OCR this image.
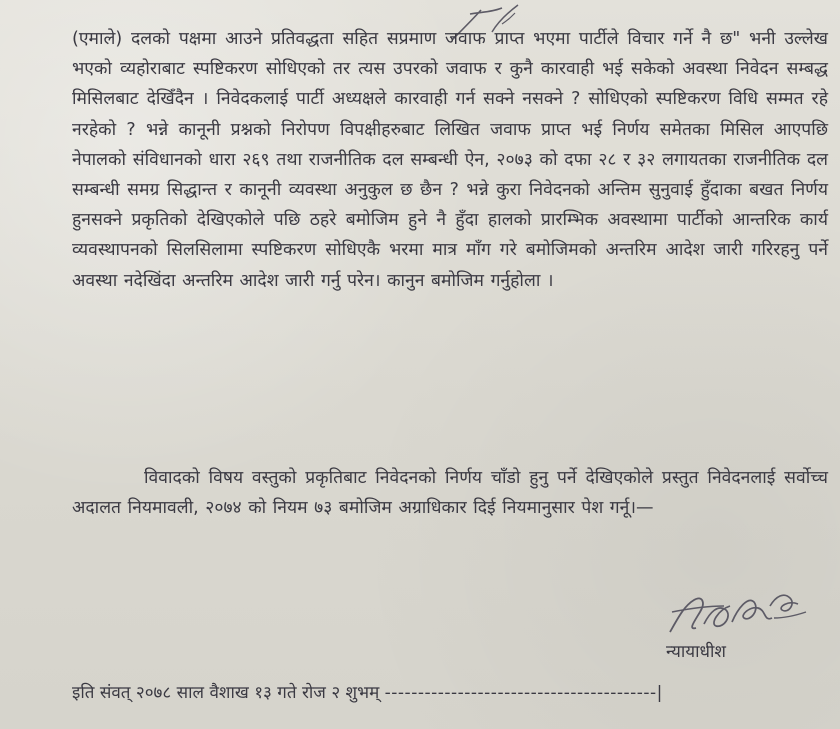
(एमाले) दलको पक्षमा आउने प्रतिवद्धता सहित सप्रमाण जवाफ प्राप्त भएमा पार्टीले विचार गर्ने नै छ" भनी उल्लेख भएको व्यहोराबाट स्पष्टिकरण सोधिएको तर त्यस उपरको जवाफ र कुनै कारवाही भई सकेको अवस्था निवेदन सम्बद्ध मिसिलबाट देखिँदैन । निवेदकलाई पार्टी अध्यक्षले कारवाही गर्न सक्ने नसक्ने ? सोधिएको स्पष्टिकरण विधि सम्मत रहे नरहेको ? भन्ने कानूनी प्रश्नको निरोपण विपक्षीहरुबाट लिखित जवाफ प्राप्त भई निर्णय समेतका मिसिल आएपछि नेपालको संविधानको धारा २६९ तथा राजनीतिक दल सम्बन्धी ऐन, २०७३ को दफा २८ र ३२ लगायतका राजनीतिक दल सम्बन्धी समग्र सिद्धान्त र कानूनी व्यवस्था अनुकुल छ छैन ? भन्ने कुरा निवेदनको अन्तिम सुनुवाई हुँदाका बखत निर्णय हुनसक्ने प्रकृतिको देखिएकोले पछि ठहरे बमोजिम हुने नै हुँदा हालको प्रारम्भिक अवस्थामा पार्टीको आन्तरिक कार्य व्यवस्थापनको सिलसिलामा स्पष्टिकरण सोधिएकै भरमा मात्र माँग गरे बमोजिमको अन्तरिम आदेश जारी गरिरहनु पर्ने अवस्था नदेखिंदा अन्तरिम आदेश जारी गर्नु परेन। कानुन बमोजिम गर्नुहोला ।

विवादको विषय वस्तुको प्रकृतिबाट निवेदनको निर्णय चाँडो हुनु पर्ने देखिएकोले प्रस्तुत निवेदनलाई सर्वोच्च अदालत नियमावली, २०७४ को नियम ७३ बमोजिम अग्राधिकार दिई नियमानुसार पेश गर्नू।—

न्यायाधीश
इति संवत् २०७८ साल वैशाख १३ गते रोज २ शुभम् -----------------------------------------|
